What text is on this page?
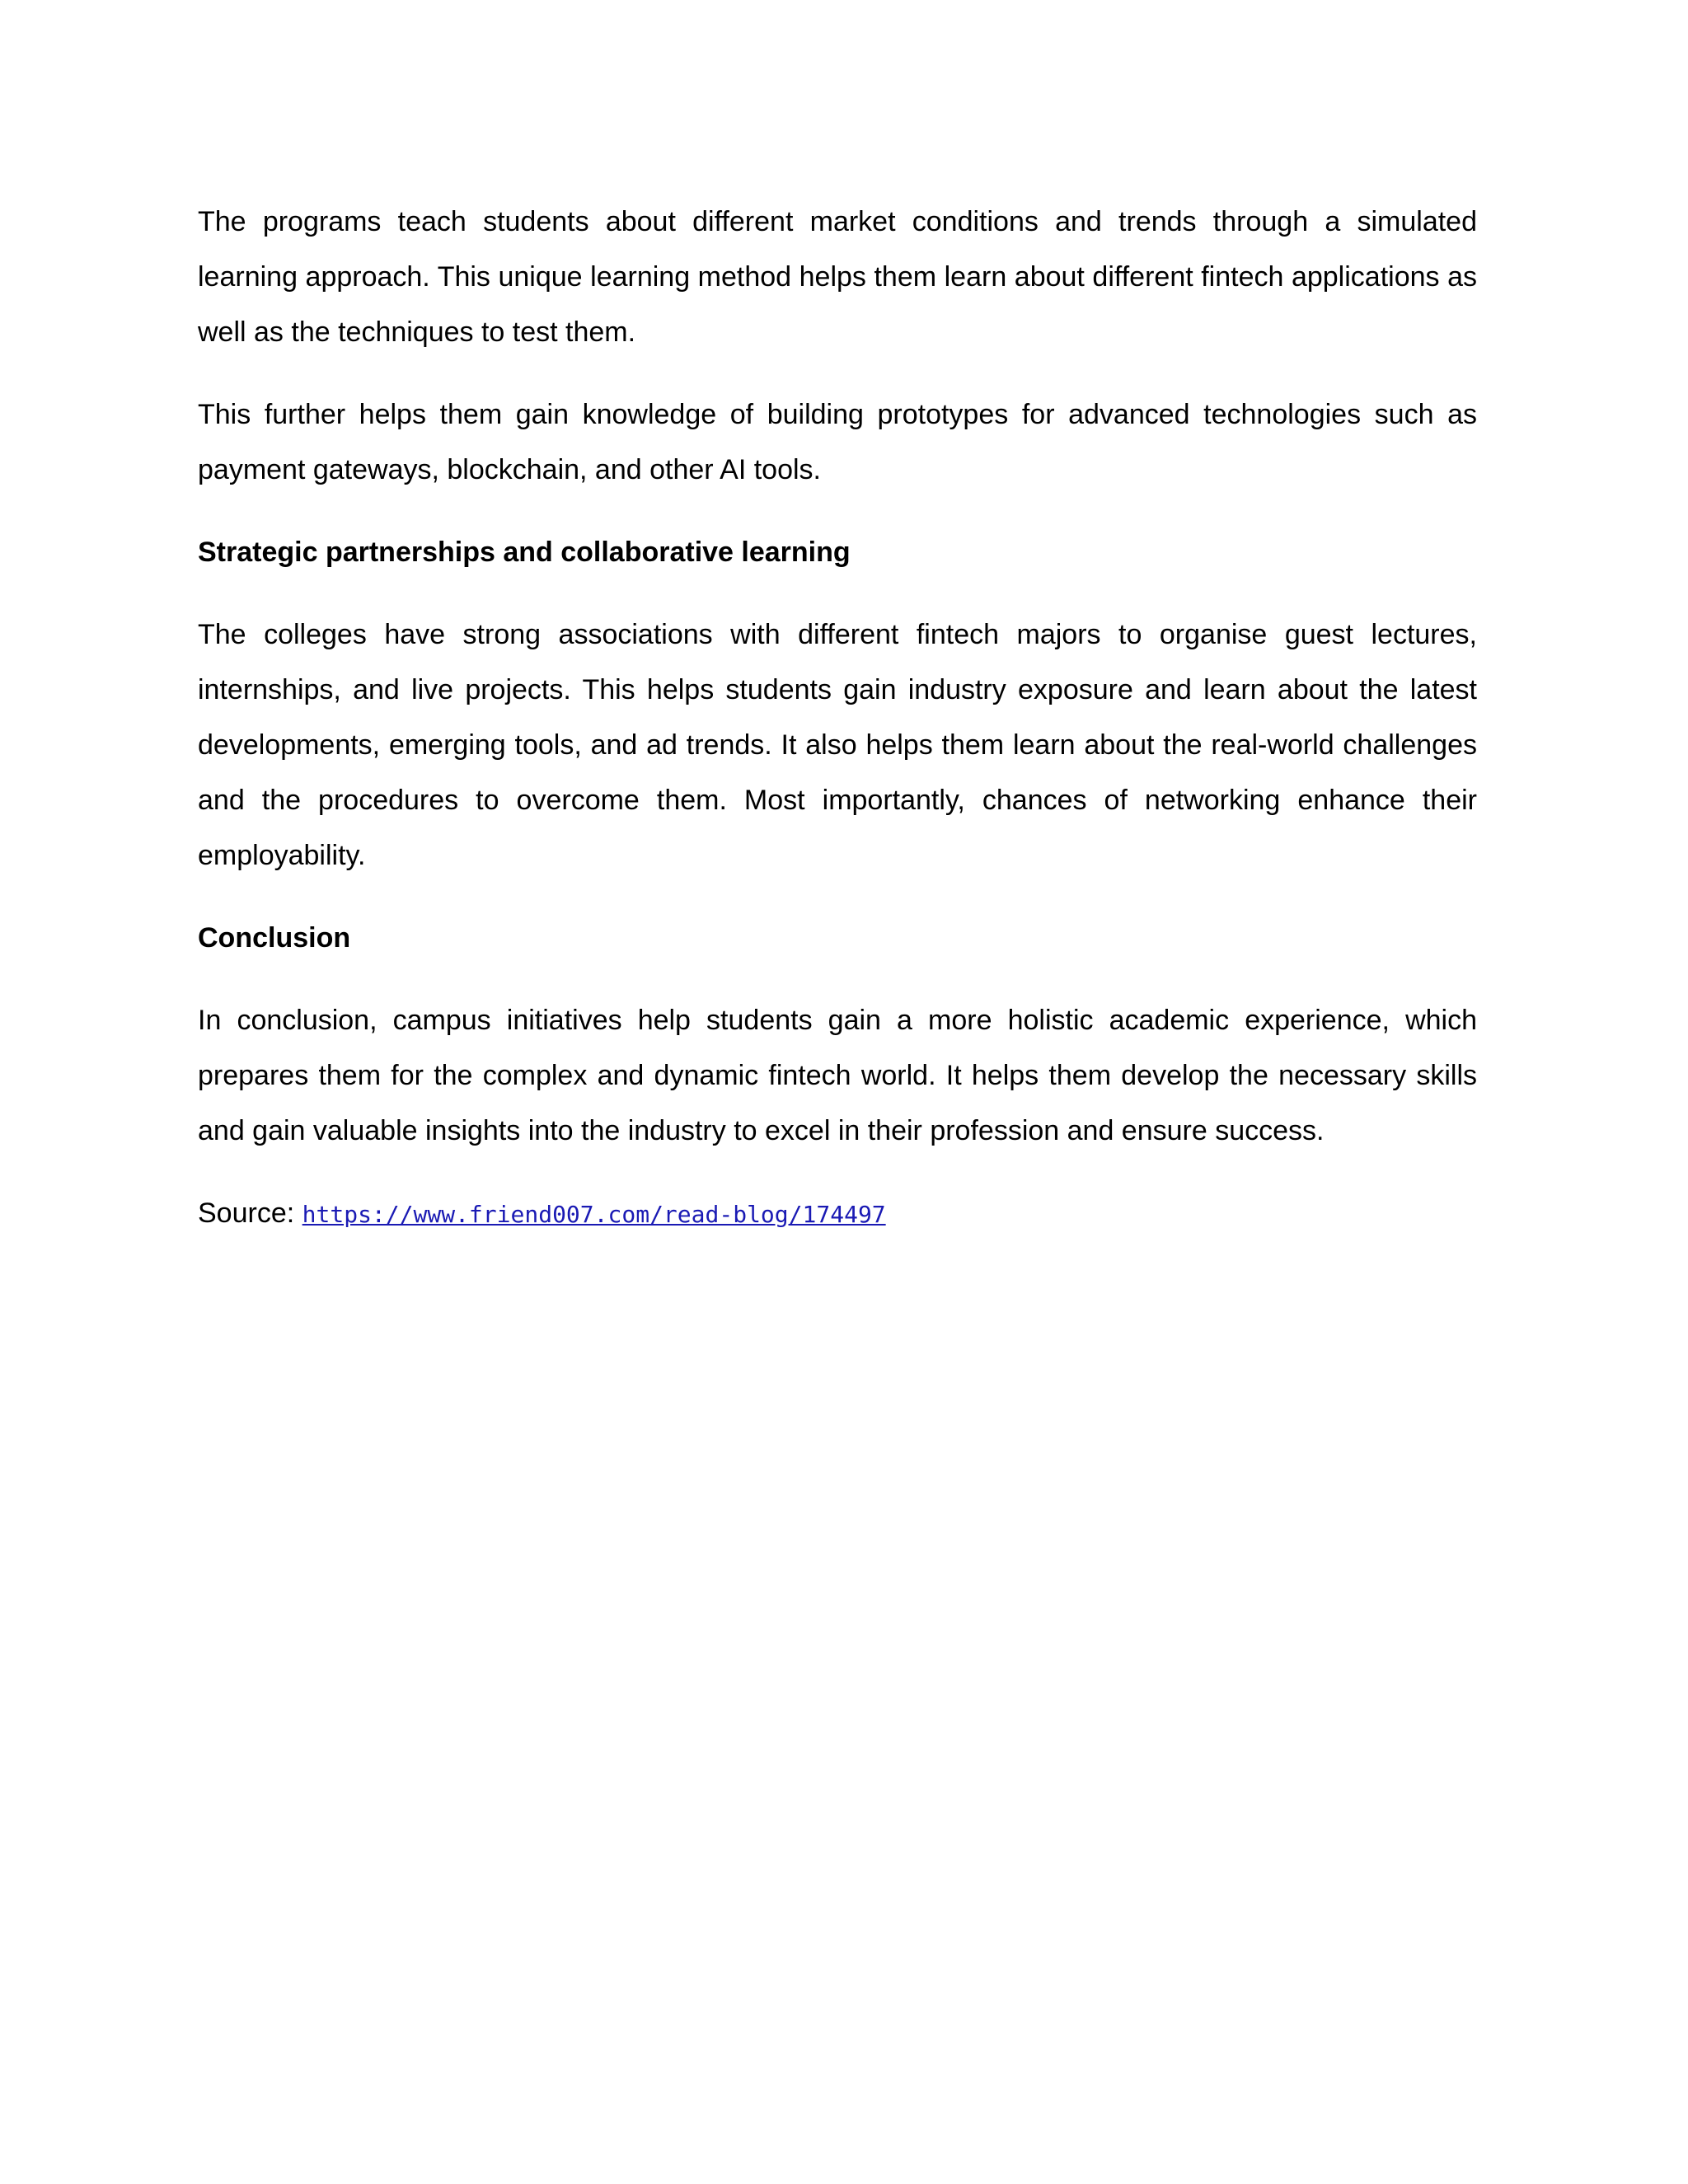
The programs teach students about different market conditions and trends through a simulated learning approach. This unique learning method helps them learn about different fintech applications as well as the techniques to test them.

This further helps them gain knowledge of building prototypes for advanced technologies such as payment gateways, blockchain, and other AI tools.

Strategic partnerships and collaborative learning

The colleges have strong associations with different fintech majors to organise guest lectures, internships, and live projects. This helps students gain industry exposure and learn about the latest developments, emerging tools, and ad trends. It also helps them learn about the real-world challenges and the procedures to overcome them. Most importantly, chances of networking enhance their employability.

Conclusion

In conclusion, campus initiatives help students gain a more holistic academic experience, which prepares them for the complex and dynamic fintech world. It helps them develop the necessary skills and gain valuable insights into the industry to excel in their profession and ensure success.

Source: https://www.friend007.com/read-blog/174497
